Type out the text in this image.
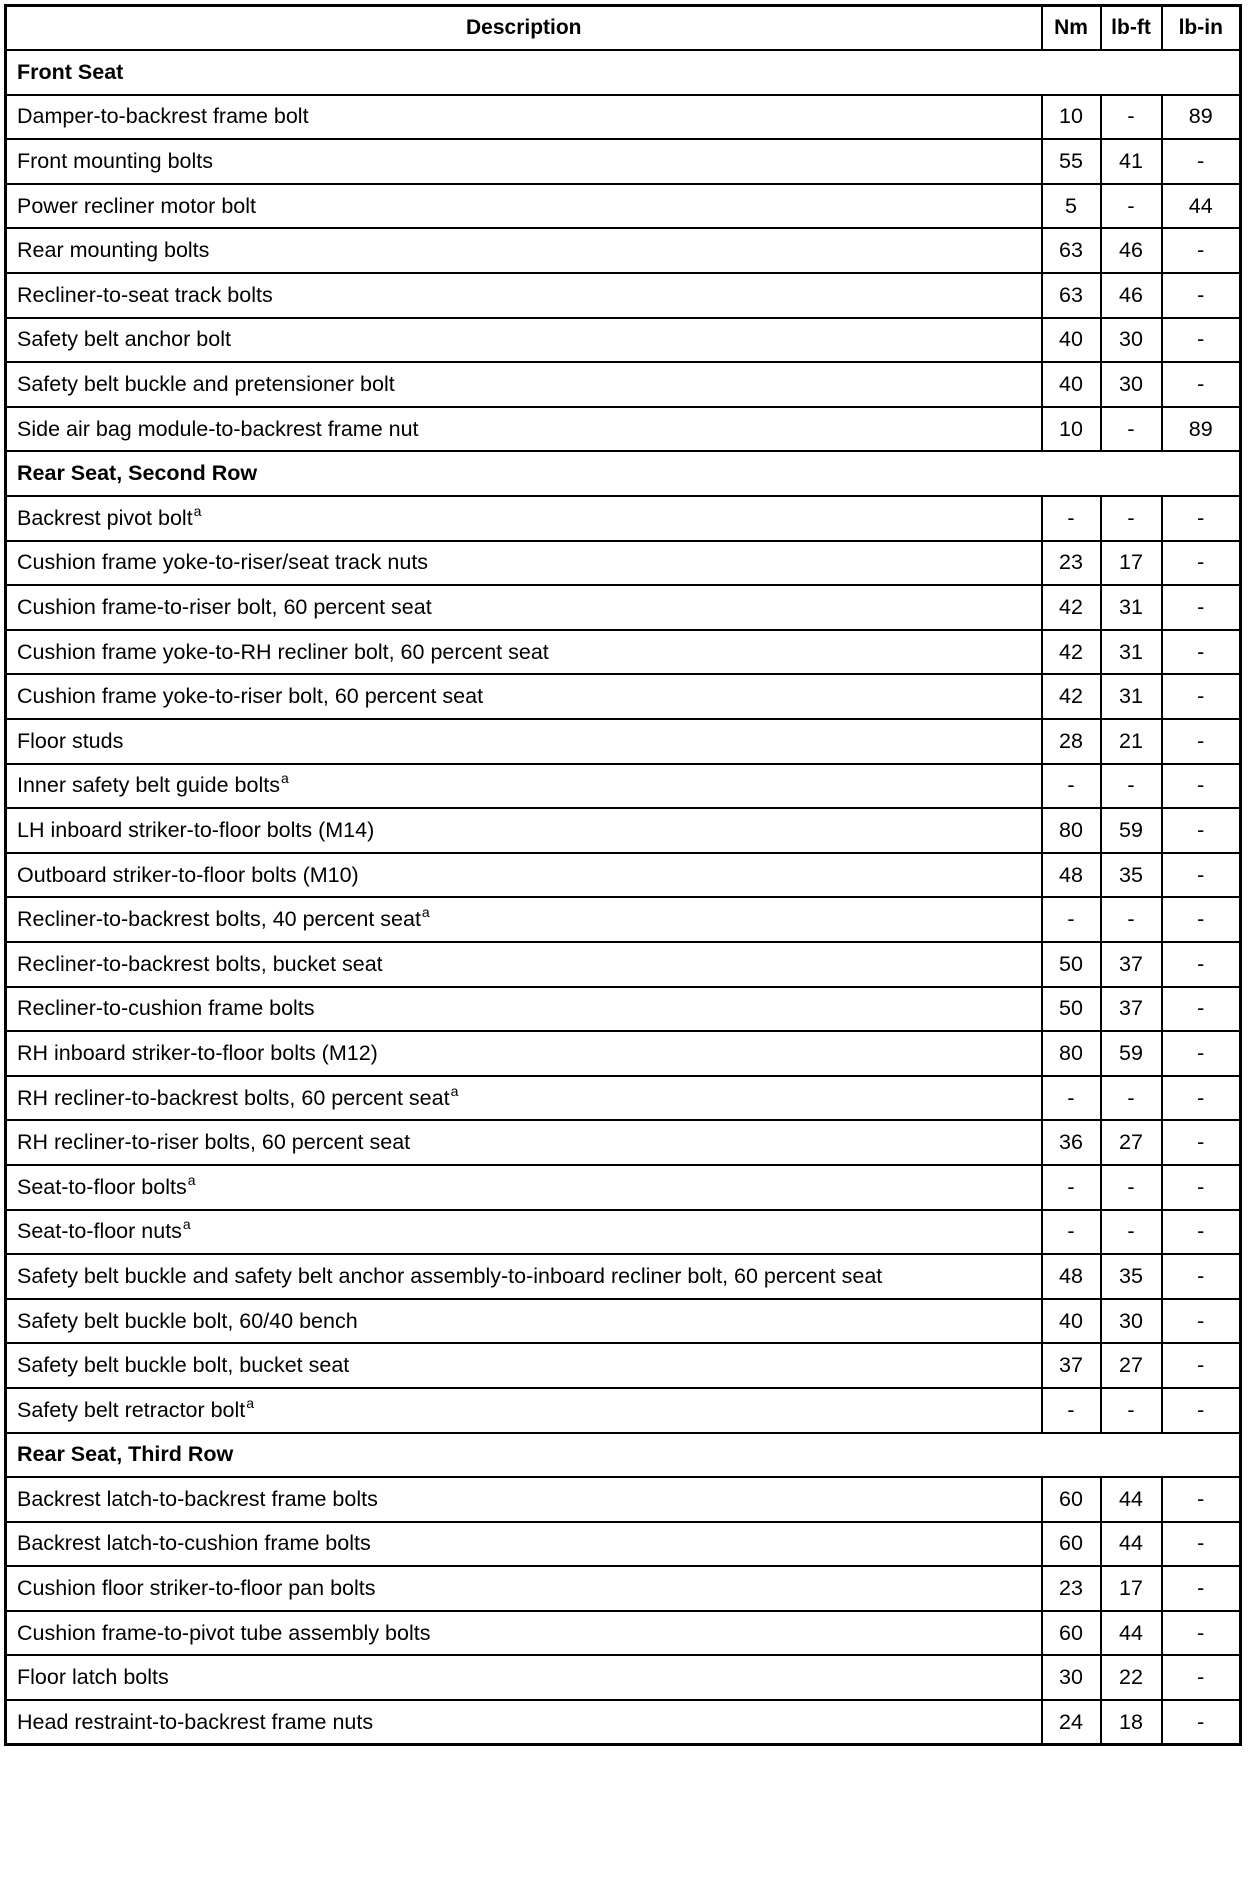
Description	Nm	lb-ft	lb-in
Front Seat			
Damper-to-backrest frame bolt	10	-	89
Front mounting bolts	55	41	-
Power recliner motor bolt	5	-	44
Rear mounting bolts	63	46	-
Recliner-to-seat track bolts	63	46	-
Safety belt anchor bolt	40	30	-
Safety belt buckle and pretensioner bolt	40	30	-
Side air bag module-to-backrest frame nut	10	-	89
Rear Seat, Second Row			
Backrest pivot bolt$^a$	-	-	-
Cushion frame yoke-to-riser/seat track nuts	23	17	-
Cushion frame-to-riser bolt, 60 percent seat	42	31	-
Cushion frame yoke-to-RH recliner bolt, 60 percent seat	42	31	-
Cushion frame yoke-to-riser bolt, 60 percent seat	42	31	-
Floor studs	28	21	-
Inner safety belt guide bolts$^a$	-	-	-
LH inboard striker-to-floor bolts (M14)	80	59	-
Outboard striker-to-floor bolts (M10)	48	35	-
Recliner-to-backrest bolts, 40 percent seat$^a$	-	-	-
Recliner-to-backrest bolts, bucket seat	50	37	-
Recliner-to-cushion frame bolts	50	37	-
RH inboard striker-to-floor bolts (M12)	80	59	-
RH recliner-to-backrest bolts, 60 percent seat$^a$	-	-	-
RH recliner-to-riser bolts, 60 percent seat	36	27	-
Seat-to-floor bolts$^a$	-	-	-
Seat-to-floor nuts$^a$	-	-	-
Safety belt buckle and safety belt anchor assembly-to-inboard recliner bolt, 60 percent seat	48	35	-
Safety belt buckle bolt, 60/40 bench	40	30	-
Safety belt buckle bolt, bucket seat	37	27	-
Safety belt retractor bolt$^a$	-	-	-
Rear Seat, Third Row			
Backrest latch-to-backrest frame bolts	60	44	-
Backrest latch-to-cushion frame bolts	60	44	-
Cushion floor striker-to-floor pan bolts	23	17	-
Cushion frame-to-pivot tube assembly bolts	60	44	-
Floor latch bolts	30	22	-
Head restraint-to-backrest frame nuts	24	18	-
